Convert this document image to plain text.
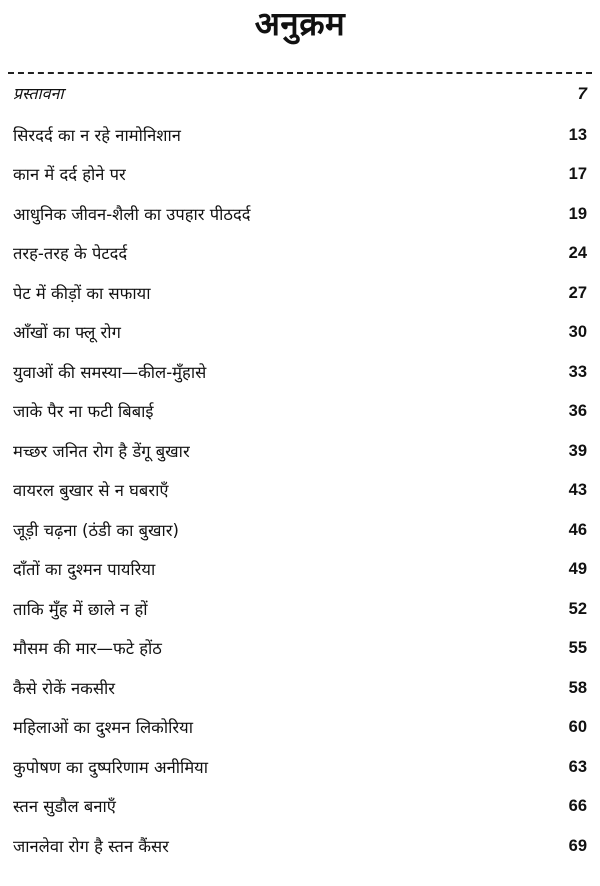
अनुक्रम
प्रस्तावना	7
सिरदर्द का न रहे नामोनिशान	13
कान में दर्द होने पर	17
आधुनिक जीवन-शैली का उपहार पीठदर्द	19
तरह-तरह के पेटदर्द	24
पेट में कीड़ों का सफाया	27
आँखों का फ्लू रोग	30
युवाओं की समस्या—कील-मुँहासे	33
जाके पैर ना फटी बिबाई	36
मच्छर जनित रोग है डेंगू बुखार	39
वायरल बुखार से न घबराएँ	43
जूड़ी चढ़ना (ठंडी का बुखार)	46
दाँतों का दुश्मन पायरिया	49
ताकि मुँह में छाले न हों	52
मौसम की मार—फटे होंठ	55
कैसे रोकें नकसीर	58
महिलाओं का दुश्मन लिकोरिया	60
कुपोषण का दुष्परिणाम अनीमिया	63
स्तन सुडौल बनाएँ	66
जानलेवा रोग है स्तन कैंसर	69
